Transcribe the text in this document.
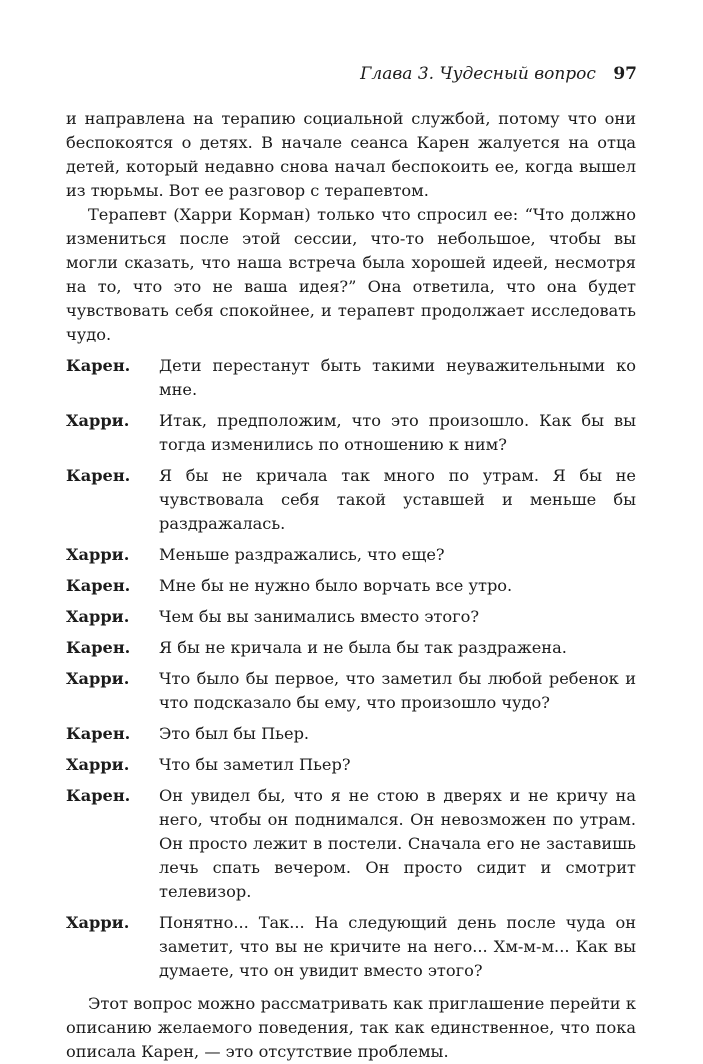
Глава 3. Чудесный вопрос 97

и направлена на терапию социальной службой, потому что они беспокоятся о детях. В начале сеанса Карен жалуется на отца детей, который недавно снова начал беспокоить ее, когда вышел из тюрьмы. Вот ее разговор с терапевтом.

Терапевт (Харри Корман) только что спросил ее: “Что должно измениться после этой сессии, что-то небольшое, чтобы вы могли сказать, что наша встреча была хорошей идеей, несмотря на то, что это не ваша идея?” Она ответила, что она будет чувствовать себя спокойнее, и терапевт продолжает исследовать чудо.

Карен.	Дети перестанут быть такими неуважительными ко мне.
Харри.	Итак, предположим, что это произошло. Как бы вы тогда изменились по отношению к ним?
Карен.	Я бы не кричала так много по утрам. Я бы не чувствовала себя такой уставшей и меньше бы раздражалась.
Харри.	Меньше раздражались, что еще?
Карен.	Мне бы не нужно было ворчать все утро.
Харри.	Чем бы вы занимались вместо этого?
Карен.	Я бы не кричала и не была бы так раздражена.
Харри.	Что было бы первое, что заметил бы любой ребенок и что подсказало бы ему, что произошло чудо?
Карен.	Это был бы Пьер.
Харри.	Что бы заметил Пьер?
Карен.	Он увидел бы, что я не стою в дверях и не кричу на него, чтобы он поднимался. Он невозможен по утрам. Он просто лежит в постели. Сначала его не заставишь лечь спать вечером. Он просто сидит и смотрит телевизор.
Харри.	Понятно... Так... На следующий день после чуда он заметит, что вы не кричите на него... Хм-м-м... Как вы думаете, что он увидит вместо этого?

Этот вопрос можно рассматривать как приглашение перейти к описанию желаемого поведения, так как единственное, что пока описала Карен, — это отсутствие проблемы.
